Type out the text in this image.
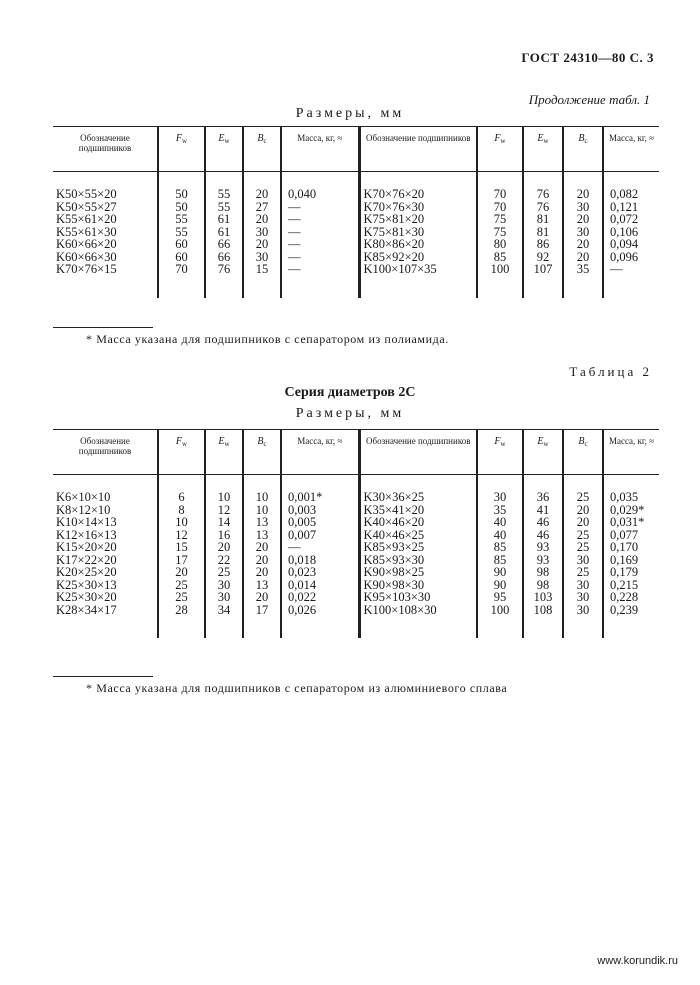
ГОСТ 24310—80 С. 3
Продолжение табл. 1
Размеры, мм
Обозначение подшипников	$F_w$	$E_w$	$B_c$	Масса, кг, ≈	Обозначение подшипников	$F_w$	$E_w$	$B_c$	Масса, кг, ≈

K50×55×20	50	55	20	0,040	K70×76×20	70	76	20	0,082
K50×55×27	50	55	27	—	K70×76×30	70	76	30	0,121
K55×61×20	55	61	20	—	K75×81×20	75	81	20	0,072
K55×61×30	55	61	30	—	K75×81×30	75	81	30	0,106
K60×66×20	60	66	20	—	K80×86×20	80	86	20	0,094
K60×66×30	60	66	30	—	K85×92×20	85	92	20	0,096
K70×76×15	70	76	15	—	K100×107×35	100	107	35	—

* Масса указана для подшипников с сепаратором из полиамида.
Таблица 2
Серия диаметров 2С
Размеры, мм
Обозначение подшипников	$F_w$	$E_w$	$B_c$	Масса, кг, ≈	Обозначение подшипников	$F_w$	$E_w$	$B_c$	Масса, кг, ≈

K6×10×10	6	10	10	0,001*	K30×36×25	30	36	25	0,035
K8×12×10	8	12	10	0,003	K35×41×20	35	41	20	0,029*
K10×14×13	10	14	13	0,005	K40×46×20	40	46	20	0,031*
K12×16×13	12	16	13	0,007	K40×46×25	40	46	25	0,077
K15×20×20	15	20	20	—	K85×93×25	85	93	25	0,170
K17×22×20	17	22	20	0,018	K85×93×30	85	93	30	0,169
K20×25×20	20	25	20	0,023	K90×98×25	90	98	25	0,179
K25×30×13	25	30	13	0,014	K90×98×30	90	98	30	0,215
K25×30×20	25	30	20	0,022	K95×103×30	95	103	30	0,228
K28×34×17	28	34	17	0,026	K100×108×30	100	108	30	0,239

* Масса указана для подшипников с сепаратором из алюминиевого сплава
www.korundik.ru
